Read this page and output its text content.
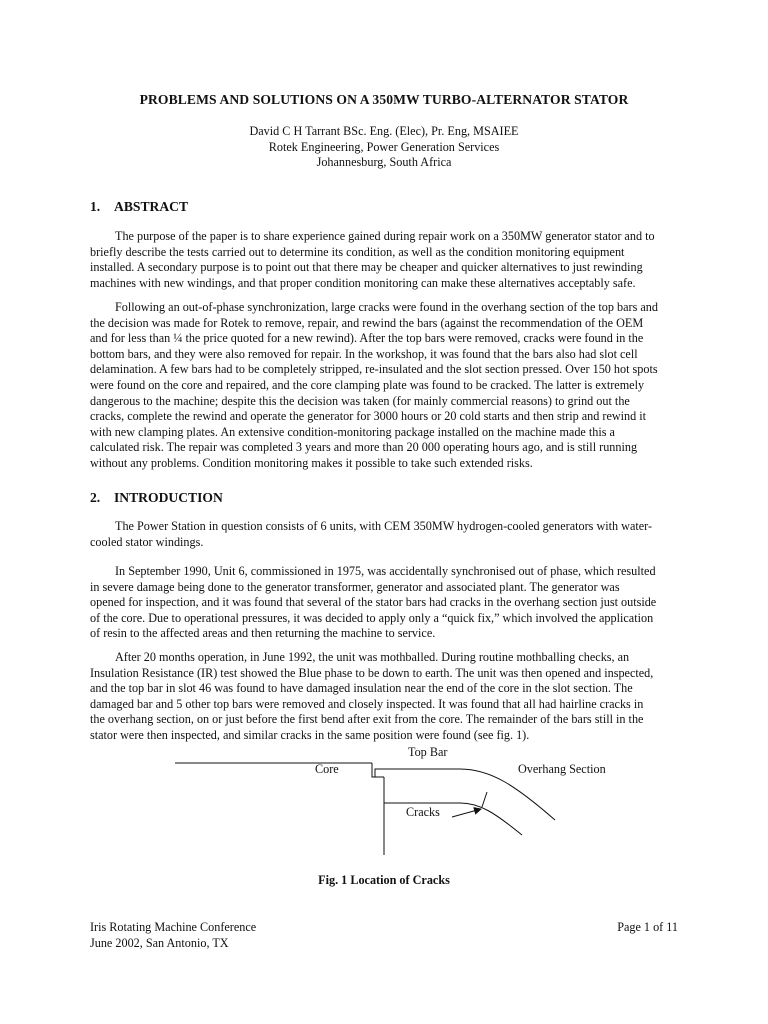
PROBLEMS AND SOLUTIONS ON A 350MW TURBO-ALTERNATOR STATOR
David C H Tarrant BSc. Eng. (Elec), Pr. Eng, MSAIEE
Rotek Engineering, Power Generation Services
Johannesburg, South Africa
1. ABSTRACT

The purpose of the paper is to share experience gained during repair work on a 350MW generator stator and to
briefly describe the tests carried out to determine its condition, as well as the condition monitoring equipment
installed. A secondary purpose is to point out that there may be cheaper and quicker alternatives to just rewinding
machines with new windings, and that proper condition monitoring can make these alternatives acceptably safe.

Following an out-of-phase synchronization, large cracks were found in the overhang section of the top bars and
the decision was made for Rotek to remove, repair, and rewind the bars (against the recommendation of the OEM
and for less than ¼ the price quoted for a new rewind). After the top bars were removed, cracks were found in the
bottom bars, and they were also removed for repair. In the workshop, it was found that the bars also had slot cell
delamination. A few bars had to be completely stripped, re-insulated and the slot section pressed. Over 150 hot spots
were found on the core and repaired, and the core clamping plate was found to be cracked. The latter is extremely
dangerous to the machine; despite this the decision was taken (for mainly commercial reasons) to grind out the
cracks, complete the rewind and operate the generator for 3000 hours or 20 cold starts and then strip and rewind it
with new clamping plates. An extensive condition-monitoring package installed on the machine made this a
calculated risk. The repair was completed 3 years and more than 20 000 operating hours ago, and is still running
without any problems. Condition monitoring makes it possible to take such extended risks.

2. INTRODUCTION

The Power Station in question consists of 6 units, with CEM 350MW hydrogen-cooled generators with water-
cooled stator windings.

In September 1990, Unit 6, commissioned in 1975, was accidentally synchronised out of phase, which resulted
in severe damage being done to the generator transformer, generator and associated plant. The generator was
opened for inspection, and it was found that several of the stator bars had cracks in the overhang section just outside
of the core. Due to operational pressures, it was decided to apply only a “quick fix,” which involved the application
of resin to the affected areas and then returning the machine to service.

After 20 months operation, in June 1992, the unit was mothballed. During routine mothballing checks, an
Insulation Resistance (IR) test showed the Blue phase to be down to earth. The unit was then opened and inspected,
and the top bar in slot 46 was found to have damaged insulation near the end of the core in the slot section. The
damaged bar and 5 other top bars were removed and closely inspected. It was found that all had hairline cracks in
the overhang section, on or just before the first bend after exit from the core. The remainder of the bars still in the
stator were then inspected, and similar cracks in the same position were found (see fig. 1).

Top Bar
Core	Overhang Section
Cracks
Fig. 1 Location of Cracks
Iris Rotating Machine Conference
June 2002, San Antonio, TX
Page 1 of 11
